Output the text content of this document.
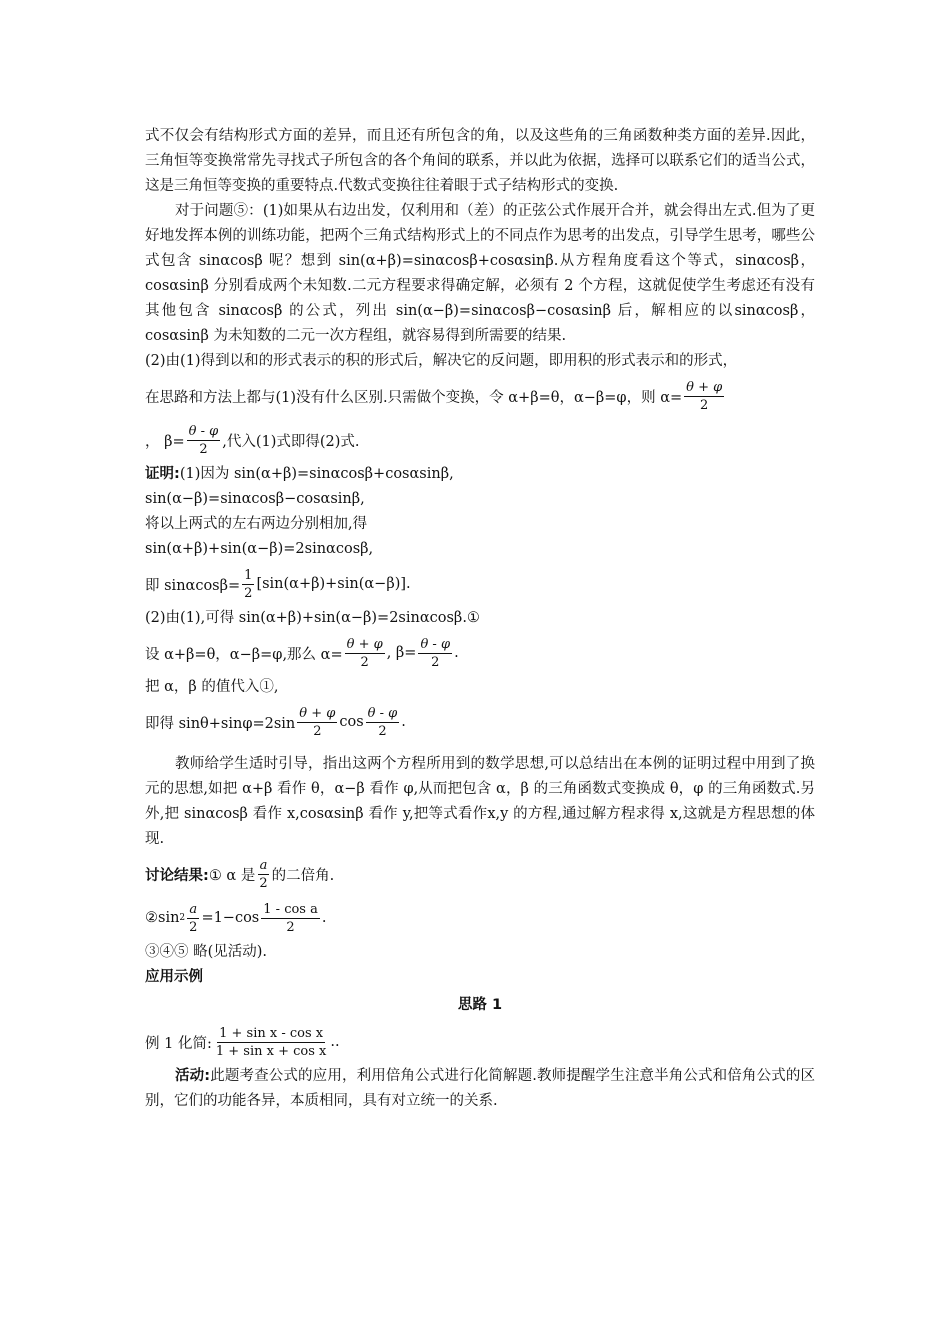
式不仅会有结构形式方面的差异，而且还有所包含的角，以及这些角的三角函数种类方面的差异.因此，三角恒等变换常常先寻找式子所包含的各个角间的联系，并以此为依据，选择可以联系它们的适当公式，这是三角恒等变换的重要特点.代数式变换往往着眼于式子结构形式的变换.

对于问题⑤：(1)如果从右边出发，仅利用和（差）的正弦公式作展开合并，就会得出左式.但为了更好地发挥本例的训练功能，把两个三角式结构形式上的不同点作为思考的出发点，引导学生思考，哪些公式包含 sinαcosβ 呢？想到 sin(α+β)=sinαcosβ+cosαsinβ.从方程角度看这个等式，sinαcosβ，cosαsinβ 分别看成两个未知数.二元方程要求得确定解，必须有 2 个方程，这就促使学生考虑还有没有其他包含 sinαcosβ 的公式，列出 sin(α−β)=sinαcosβ−cosαsinβ 后，解相应的以sinαcosβ，cosαsinβ 为未知数的二元一次方程组，就容易得到所需要的结果.

(2)由(1)得到以和的形式表示的积的形式后，解决它的反问题，即用积的形式表示和的形式，

在思路和方法上都与(1)没有什么区别.只需做个变换，令 α+β=θ，α−β=φ，则 $\alpha= \frac{\theta + \varphi}{2}$
， $\beta= \frac{\theta - \varphi}{2}$ ,代入(1)式即得(2)式.
证明:(1)因为 sin(α+β)=sinαcosβ+cosαsinβ,
sin(α−β)=sinαcosβ−cosαsinβ,
将以上两式的左右两边分别相加,得
sin(α+β)+sin(α−β)=2sinαcosβ,
即 $\sin\alpha\cos\beta= \frac{1}{2} [\sin(\alpha+\beta)+\sin(\alpha-\beta)]$.
(2)由(1),可得 sin(α+β)+sin(α−β)=2sinαcosβ.①
设 α+β=θ，α−β=φ,那么 $\alpha= \frac{\theta + \varphi}{2}$ , $\beta= \frac{\theta - \varphi}{2}$ .
把 α，β 的值代入①,
即得 $\sin\theta+\sin\varphi=2\sin \frac{\theta + \varphi}{2}$ $\cos \frac{\theta - \varphi}{2}$ .

教师给学生适时引导，指出这两个方程所用到的数学思想,可以总结出在本例的证明过程中用到了换元的思想,如把 α+β 看作 θ，α−β 看作 φ,从而把包含 α，β 的三角函数式变换成 θ，φ 的三角函数式.另外,把 sinαcosβ 看作 x,cosαsinβ 看作 y,把等式看作x,y 的方程,通过解方程求得 x,这就是方程思想的体现.

讨论结果: ① α 是 $\frac{a}{2}$ 的二倍角.
②sin $2 \frac{a}{2} =1-\cos \frac{\text{1 - cos a}}{2}$ .
③④⑤ 略(见活动).
应用示例
思路 1
例 1 化简: $\frac{\text{1 + sin x - cos x}}{\text{1 + sin x + cos x}}$ ..

活动:此题考查公式的应用，利用倍角公式进行化简解题.教师提醒学生注意半角公式和倍角公式的区别，它们的功能各异，本质相同，具有对立统一的关系.
